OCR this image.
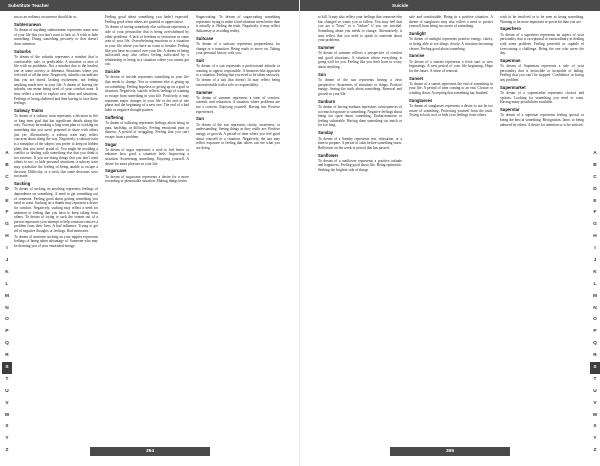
Substitute Teacher

not as an ordinary occurrence should do so.

Subterranean

To dream of anything subterranean represents some area of your life that you don't want to look at. A wish to hide something. Doing something privately or that doesn't draw attention.

Suburbs

To dream of the suburbs represents a mindset that is comfortable, safe, or predictable. A situation or area of life with no problems. Not a mindset that is the hardest one or some activity or dilemma. Situations where you feel tired of all the time. Negatively, suburbs can indicate that you are bored, lacking excitement, not feeling anything much new in your life. A dream of leaving the suburbs can mean being tired of your comfort zone. It may reflect a need to explore new ideas and situations. Feelings of being sheltered and then having to face those feelings.

Subway Trains

To dream of a subway train represents a decision in life or long term goal that has significant details along the way. You may be making a long term plan or working on something that you aren't prepared to share with others just yet. Alternatively, a subway train may reflect concerns about doing the way. Negatively, a subway train is a metaphor of the subject you prefer to keep on hidden plans that you aren't proud of. You might be avoiding a conflict or dealing with something else that you think is too extreme. If you are doing things that you don't want others to see, or hide personal situations, a subway train may symbolize the feeling of being unable to escape a decision. Difficulty, or a wish, that some decisions were not made.

Sucking

To dream of sucking on anything represents feelings of dependence on something. A need to get something out of someone. Feeling good about getting something you need or want. Sucking on a thumb may represent a desire for comfort. Negatively, sucking may reflect a need for attention or feeling that you have to keep taking from others. To dream of trying to suck the venom out of a person represents your attempt to help someone remove a problem from their lives. A bad influence. Trying to get rid of negative thoughts or feelings. Bad memories.

To dream of someone sucking on your nipples represents feelings of being taken advantage of. Someone who may be draining you of your emotional energy.

Feeling good about something you hadn't expected. Feeling good when others are grateful or appreciative.

To dream of seeing somebody else suffocate represents a side of your personality that is being overwhelmed by other problems. A lack of freedom or restriction in some area of your life. Overwhelming emotions or a situation in your life where you have no room to breathe. Feeling like you have no control over your life. A dream of being suffocated may also reflect feeling suffocated by a relationship or being in a situation where you cannot get out.

Suicide

To dream of suicide represents something in your life that needs to change. You or someone else is giving up on something. Feeling hopeless or giving up on a goal or situation. Negatively, suicide reflects feelings of wanting to escape from something in your life. Positively, it may represent major changes in your life or the end of one phase and the beginning of a new one. The end of a bad habit or negative thought pattern.

Suffering

To dream of suffering represents feelings about being in pain, hardship, or difficulty. Feeling emotional pain or distress. A period of struggling. Feeling that you can't escape from a problem.

Sugar

To dream of sugar represents a wish to feel better or enhance how good a situation feels. Improving a situation. Sweetening something. Enjoying yourself. A desire for more pleasure in your life.

Sugarcane

To dream of sugarcane represents a desire for a more rewarding or pleasurable situation. Making things better.

Sugarcoating: To dream of sugarcoating something represents trying to make a bad situation seem better than it actually is. Hiding the truth. Negatively, it may reflect dishonesty or avoiding reality.

Suitcase

To dream of a suitcase represents preparedness for change or a transition. Being ready to move on. Taking your personal history with you.

Suit

To dream of a suit represents a professional attitude or wanting to appear responsible. A business-like approach to a situation. Feeling that you need to be taken seriously. To dream of a suit that doesn't fit may reflect being uncomfortable with a role or responsibility.

Summer

To dream of summer represents a time of comfort, warmth, and relaxation. A situation where problems are not a concern. Enjoying yourself. Having fun. Positive experiences.

Sun

To dream of the sun represents clarity, awareness, or understanding. Seeing things as they really are. Positive energy or growth. A period of time where you feel good about yourself or a situation. Negatively, the sun may reflect exposure or feeling that others can see what you are doing.

A
B
C
D
E
F
G
H
I
J
K
L
M
N
O
P
Q
R
S
T
U
V
W
X
Y
Z	394
Suicide

to kill. It may also reflect your feelings that someone else has changed or wants you to follow. You may feel that you are a "loser" or a "failure" if you are suicidal. Something about you needs to change. Alternatively, it may reflect that you need to speak to someone about your problems.

Summer

To dream of summer reflects a perspective of comfort and good situations. A situation where everything is going well for you. Feeling like you don't have to worry about anything.

Sun

To dream of the sun represents having a clear perspective. Awareness of situations or things. Positive energy. Seeing the truth about something. Renewal and growth in your life.

Sunburn

To dream of having sunburn represents consequences of too much exposure to something. Negative feelings about being too open about something. Embarrassment or feeling vulnerable. Having done something too much or for too long.

Sunday

To dream of a Sunday represents rest, relaxation, or a time to prepare. A period of calm before something starts. Reflection on the week or period that has passed.

Sunflower

To dream of a sunflower represents a positive attitude and happiness. Feeling good about life. Being optimistic. Seeking the brighter side of things.

safe and comfortable. Being in a positive situation. A dream of sunglasses may also reflect a need to protect yourself from being too aware of something.

Sunlight

To dream of sunlight represents positive energy, clarity, or being able to see things clearly. A situation becoming clearer. Feeling good about something.

Sunrise

To dream of a sunrise represents a fresh start or new beginnings. A new period of your life beginning. Hope for the future. A sense of renewal.

Sunset

To dream of a sunset represents the end of something in your life. A period of time coming to an end. Closure or winding down. Accepting that something has finished.

Sunglasses

To dream of sunglasses represents a desire to not be too aware of something. Protecting yourself from the truth. Trying to look cool or hide your feelings from others.

wish to be involved or to be seen as being something. Wanting to be more important or powerful than you are.

Superhero

To dream of a superhero represents an aspect of your personality that is exceptional or extraordinary in dealing with some problem. Feeling powerful or capable of overcoming a challenge. Being the one who saves the day.

Superman

To dream of Superman represents a side of your personality that is invincible or incapable of failing. Feeling that you can't be stopped. Confidence in facing any problem.

Supermarket

To dream of a supermarket represents choices and options. Looking for something you need or want. Having many possibilities available.

Superstar

To dream of a superstar represents feeling special or being the best at something. Recognition, fame, or being admired by others. A desire for attention or to be noticed.

A
B
C
D
E
F
G
H
I
J
K
L
M
N
O
P
Q
R
S
T
U
V
W
X
Y
Z
395
